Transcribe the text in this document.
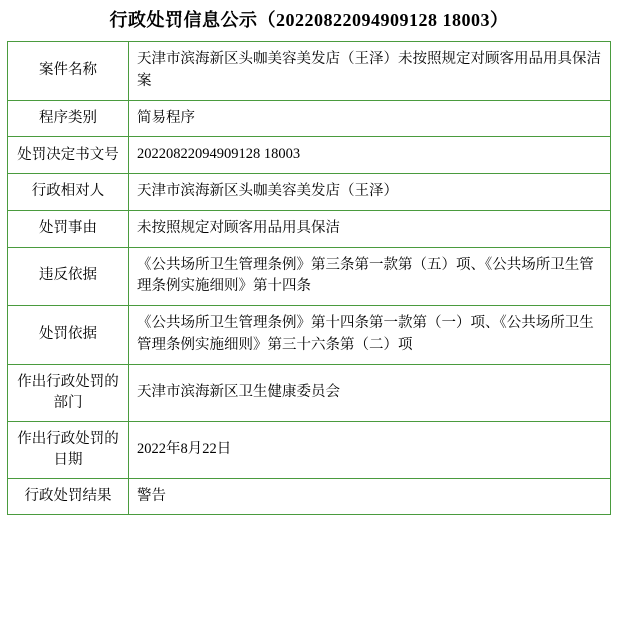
行政处罚信息公示（20220822094909128 18003）
案件名称	天津市滨海新区头咖美容美发店（王泽）未按照规定对顾客用品用具保洁案
程序类别	简易程序
处罚决定书文号	20220822094909128 18003
行政相对人	天津市滨海新区头咖美容美发店（王泽）
处罚事由	未按照规定对顾客用品用具保洁
违反依据	《公共场所卫生管理条例》第三条第一款第（五）项、《公共场所卫生管理条例实施细则》第十四条
处罚依据	《公共场所卫生管理条例》第十四条第一款第（一）项、《公共场所卫生管理条例实施细则》第三十六条第（二）项
作出行政处罚的部门	天津市滨海新区卫生健康委员会
作出行政处罚的日期	2022年8月22日
行政处罚结果	警告
